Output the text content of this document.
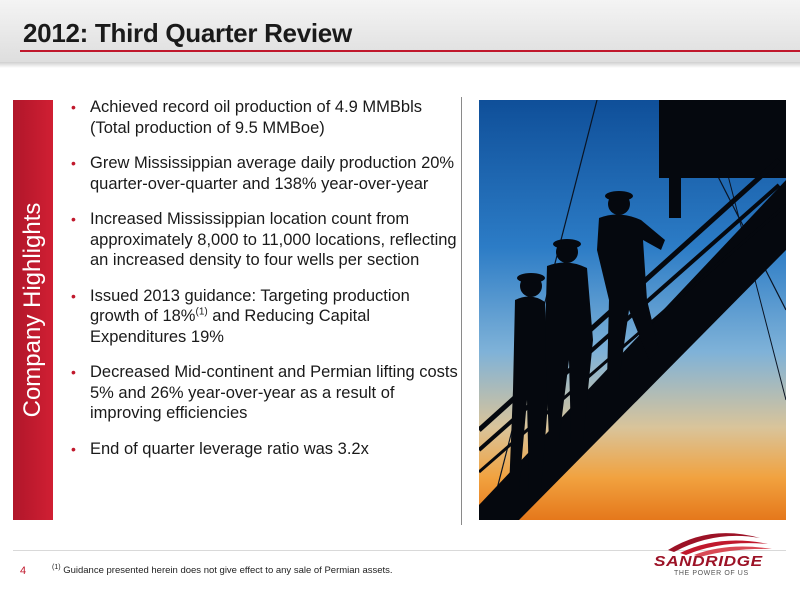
2012: Third Quarter Review
Company Highlights
• Achieved record oil production of 4.9 MMBbls (Total production of 9.5 MMBoe)
• Grew Mississippian average daily production 20% quarter-over-quarter and 138% year-over-year
• Increased Mississippian location count from approximately 8,000 to 11,000 locations, reflecting an increased density to four wells per section
• Issued 2013 guidance: Targeting production growth of 18%$^{(1)}$ and Reducing Capital Expenditures 19%
• Decreased Mid-continent and Permian lifting costs 5% and 26% year-over-year as a result of improving efficiencies
• End of quarter leverage ratio was 3.2x
4	$^{(1)}$ Guidance presented herein does not give effect to any sale of Permian assets.
SANDRIDGE
THE POWER OF US
